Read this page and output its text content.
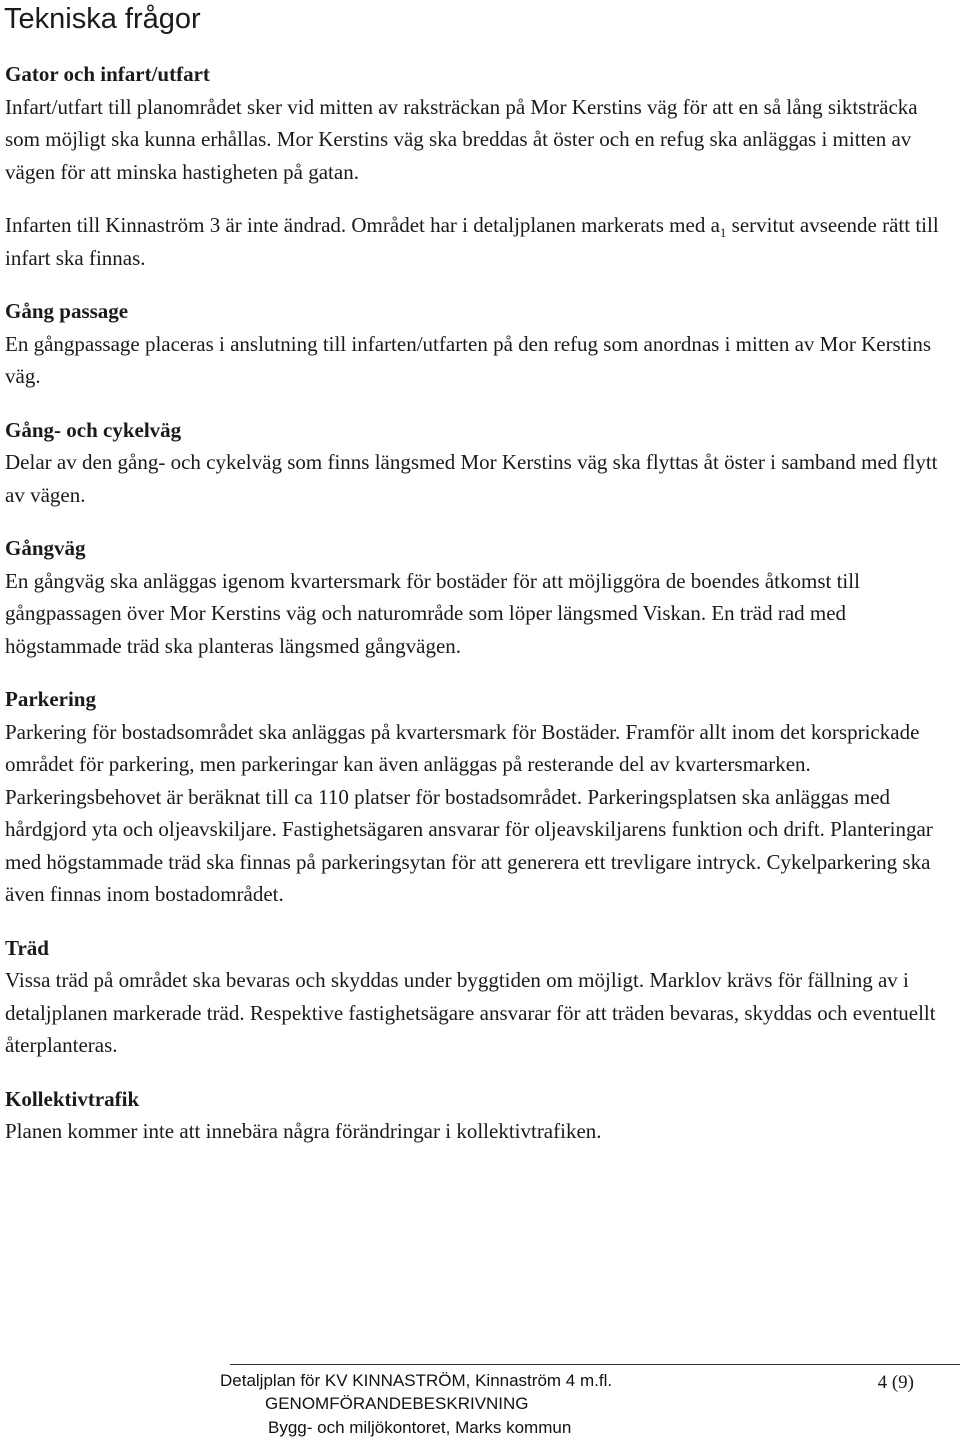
Tekniska frågor

Gator och infart/utfart

Infart/utfart till planområdet sker vid mitten av raksträckan på Mor Kerstins väg för att en så lång siktsträcka som möjligt ska kunna erhållas. Mor Kerstins väg ska breddas åt öster och en refug ska anläggas i mitten av vägen för att minska hastigheten på gatan.

Infarten till Kinnaström 3 är inte ändrad. Området har i detaljplanen markerats med $a_1$ servitut avseende rätt till infart ska finnas.

Gång passage

En gångpassage placeras i anslutning till infarten/utfarten på den refug som anordnas i mitten av Mor Kerstins väg.

Gång- och cykelväg

Delar av den gång- och cykelväg som finns längsmed Mor Kerstins väg ska flyttas åt öster i samband med flytt av vägen.

Gångväg

En gångväg ska anläggas igenom kvartersmark för bostäder för att möjliggöra de boendes åtkomst till gångpassagen över Mor Kerstins väg och naturområde som löper längsmed Viskan. En träd rad med högstammade träd ska planteras längsmed gångvägen.

Parkering

Parkering för bostadsområdet ska anläggas på kvartersmark för Bostäder. Framför allt inom det korsprickade området för parkering, men parkeringar kan även anläggas på resterande del av kvartersmarken. Parkeringsbehovet är beräknat till ca 110 platser för bostadsområdet. Parkeringsplatsen ska anläggas med hårdgjord yta och oljeavskiljare. Fastighetsägaren ansvarar för oljeavskiljarens funktion och drift. Planteringar med högstammade träd ska finnas på parkeringsytan för att generera ett trevligare intryck. Cykelparkering ska även finnas inom bostadområdet.

Träd

Vissa träd på området ska bevaras och skyddas under byggtiden om möjligt. Marklov krävs för fällning av i detaljplanen markerade träd. Respektive fastighetsägare ansvarar för att träden bevaras, skyddas och eventuellt återplanteras.

Kollektivtrafik

Planen kommer inte att innebära några förändringar i kollektivtrafiken.

Detaljplan för KV KINNASTRÖM, Kinnaström 4 m.fl.
GENOMFÖRANDEBESKRIVNING
Bygg- och miljökontoret, Marks kommun
4 (9)
